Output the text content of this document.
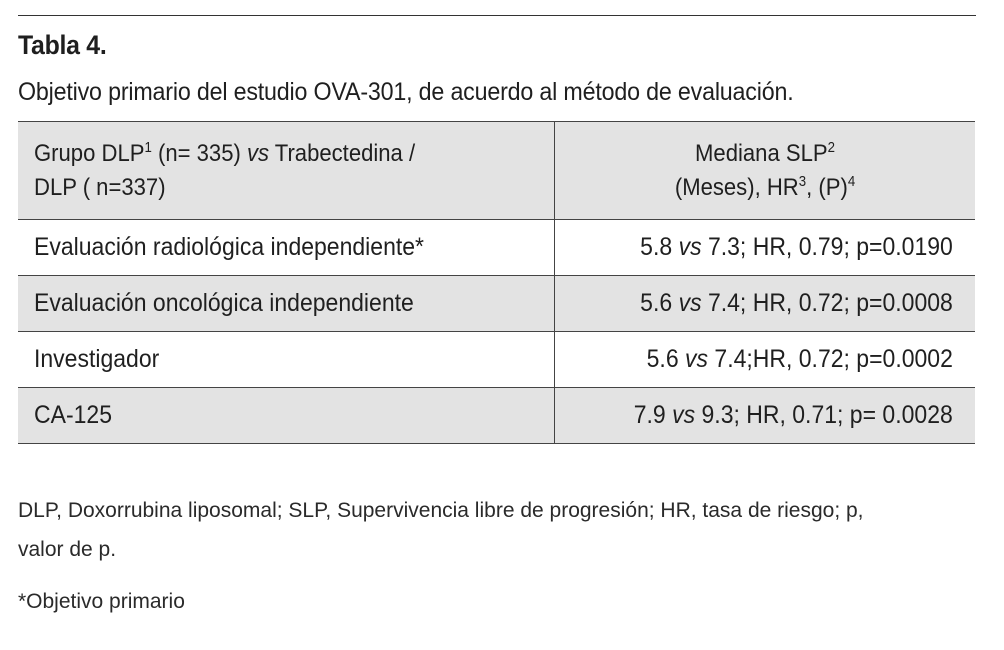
Tabla 4.
Objetivo primario del estudio OVA-301, de acuerdo al método de evaluación.
Grupo DLP$^1$ (n= 335) vs Trabectedina /
DLP ( n=337)	Mediana SLP$^2$
(Meses), $HR^3$, $(P)^4$
Evaluación radiológica independiente*	5.8 vs 7.3; HR, 0.79; p=0.0190
Evaluación oncológica independiente	5.6 vs 7.4; HR, 0.72; p=0.0008
Investigador	5.6 vs 7.4;HR, 0.72; p=0.0002
CA-125	7.9 vs 9.3; HR, 0.71; p= 0.0028
DLP, Doxorrubina liposomal; SLP, Supervivencia libre de progresión; HR, tasa de riesgo; p,
valor de p.
*Objetivo primario
